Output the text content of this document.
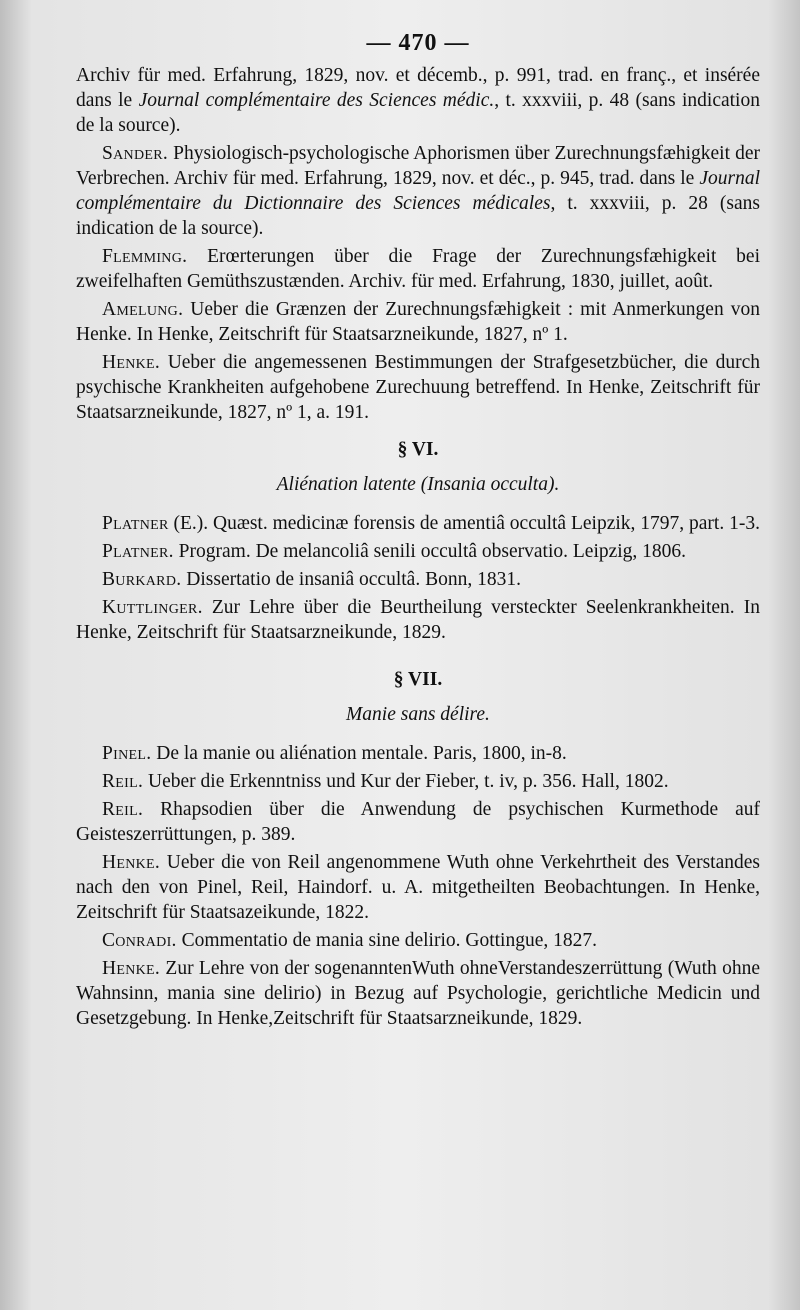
— 470 —

Archiv für med. Erfahrung, 1829, nov. et décemb., p. 991, trad. en franç., et insérée dans le Journal complémentaire des Sciences médic., t. xxxviii, p. 48 (sans indication de la source).

Sander. Physiologisch-psychologische Aphorismen über Zurechnungsfæhigkeit der Verbrechen. Archiv für med. Erfahrung, 1829, nov. et déc., p. 945, trad. dans le Journal complémentaire du Dictionnaire des Sciences médicales, t. xxxviii, p. 28 (sans indication de la source).

Flemming. Erœrterungen über die Frage der Zurechnungsfæhigkeit bei zweifelhaften Gemüthszustænden. Archiv. für med. Erfahrung, 1830, juillet, août.

Amelung. Ueber die Grænzen der Zurechnungsfæhigkeit : mit Anmerkungen von Henke. In Henke, Zeitschrift für Staatsarzneikunde, 1827, nº 1.

Henke. Ueber die angemessenen Bestimmungen der Strafgesetzbücher, die durch psychische Krankheiten aufgehobene Zurechuung betreffend. In Henke, Zeitschrift für Staatsarzneikunde, 1827, nº 1, a. 191.

§ VI.
Aliénation latente (Insania occulta).

Platner (E.). Quæst. medicinæ forensis de amentiâ occultâ Leipzik, 1797, part. 1-3.

Platner. Program. De melancoliâ senili occultâ observatio. Leipzig, 1806.

Burkard. Dissertatio de insaniâ occultâ. Bonn, 1831.

Kuttlinger. Zur Lehre über die Beurtheilung versteckter Seelenkrankheiten. In Henke, Zeitschrift für Staatsarzneikunde, 1829.

§ VII.
Manie sans délire.

Pinel. De la manie ou aliénation mentale. Paris, 1800, in-8.

Reil. Ueber die Erkenntniss und Kur der Fieber, t. iv, p. 356. Hall, 1802.

Reil. Rhapsodien über die Anwendung de psychischen Kurmethode auf Geisteszerrüttungen, p. 389.

Henke. Ueber die von Reil angenommene Wuth ohne Verkehrtheit des Verstandes nach den von Pinel, Reil, Haindorf. u. A. mitgetheilten Beobachtungen. In Henke, Zeitschrift für Staatsazeikunde, 1822.

Conradi. Commentatio de mania sine delirio. Gottingue, 1827.

Henke. Zur Lehre von der sogenanntenWuth ohneVerstandeszerrüttung (Wuth ohne Wahnsinn, mania sine delirio) in Bezug auf Psychologie, gerichtliche Medicin und Gesetzgebung. In Henke,Zeitschrift für Staatsarzneikunde, 1829.
